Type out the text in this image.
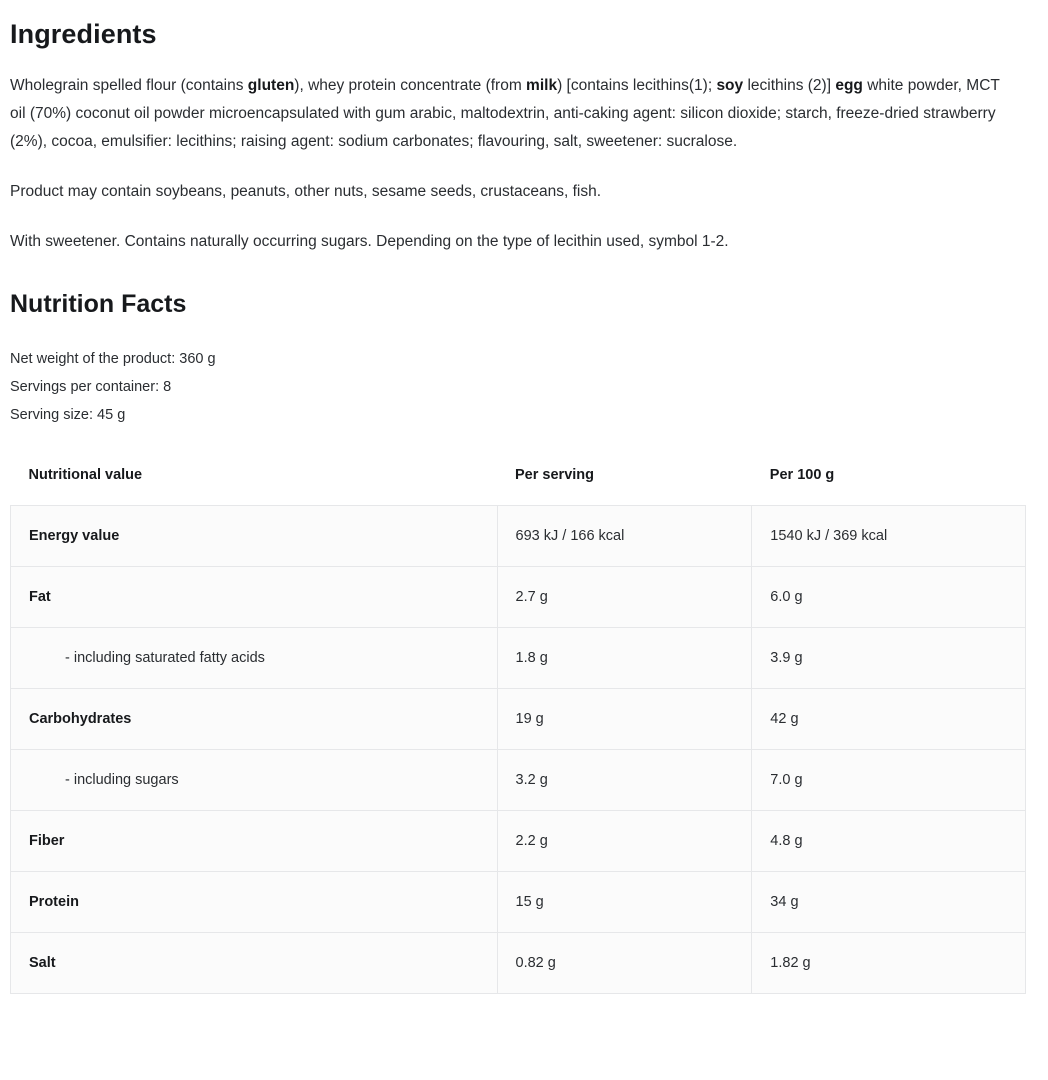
Ingredients

Wholegrain spelled flour (contains gluten), whey protein concentrate (from milk) [contains lecithins(1); soy lecithins (2)] egg white powder, MCT oil (70%) coconut oil powder microencapsulated with gum arabic, maltodextrin, anti-caking agent: silicon dioxide; starch, freeze-dried strawberry (2%), cocoa, emulsifier: lecithins; raising agent: sodium carbonates; flavouring, salt, sweetener: sucralose.

Product may contain soybeans, peanuts, other nuts, sesame seeds, crustaceans, fish.

With sweetener. Contains naturally occurring sugars. Depending on the type of lecithin used, symbol 1-2.

Nutrition Facts

Net weight of the product: 360 g

Servings per container: 8

Serving size: 45 g

Nutritional value	Per serving	Per 100 g
Energy value	693 kJ / 166 kcal	1540 kJ / 369 kcal
Fat	2.7 g	6.0 g
- including saturated fatty acids	1.8 g	3.9 g
Carbohydrates	19 g	42 g
- including sugars	3.2 g	7.0 g
Fiber	2.2 g	4.8 g
Protein	15 g	34 g
Salt	0.82 g	1.82 g
